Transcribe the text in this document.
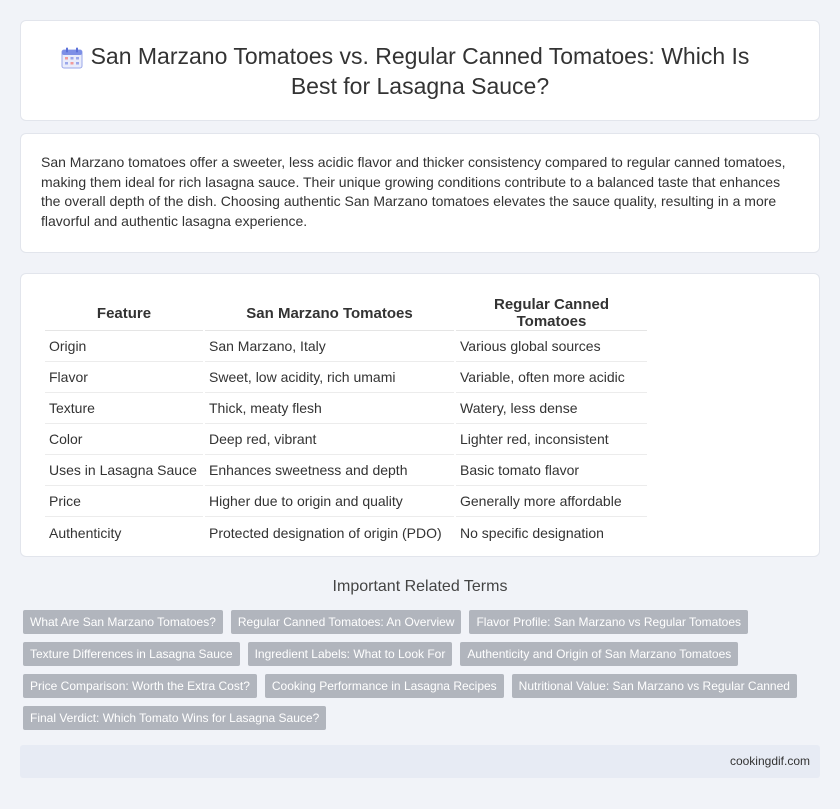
San Marzano Tomatoes vs. Regular Canned Tomatoes: Which Is Best for Lasagna Sauce?

San Marzano tomatoes offer a sweeter, less acidic flavor and thicker consistency compared to regular canned tomatoes, making them ideal for rich lasagna sauce. Their unique growing conditions contribute to a balanced taste that enhances the overall depth of the dish. Choosing authentic San Marzano tomatoes elevates the sauce quality, resulting in a more flavorful and authentic lasagna experience.

Feature	San Marzano Tomatoes	Regular Canned Tomatoes
Origin	San Marzano, Italy	Various global sources
Flavor	Sweet, low acidity, rich umami	Variable, often more acidic
Texture	Thick, meaty flesh	Watery, less dense
Color	Deep red, vibrant	Lighter red, inconsistent
Uses in Lasagna Sauce	Enhances sweetness and depth	Basic tomato flavor
Price	Higher due to origin and quality	Generally more affordable
Authenticity	Protected designation of origin (PDO)	No specific designation
Important Related Terms
What Are San Marzano Tomatoes?	Regular Canned Tomatoes: An Overview	Flavor Profile: San Marzano vs Regular Tomatoes
Texture Differences in Lasagna Sauce	Ingredient Labels: What to Look For	Authenticity and Origin of San Marzano Tomatoes
Price Comparison: Worth the Extra Cost?	Cooking Performance in Lasagna Recipes	Nutritional Value: San Marzano vs Regular Canned
Final Verdict: Which Tomato Wins for Lasagna Sauce?
cookingdif.com
